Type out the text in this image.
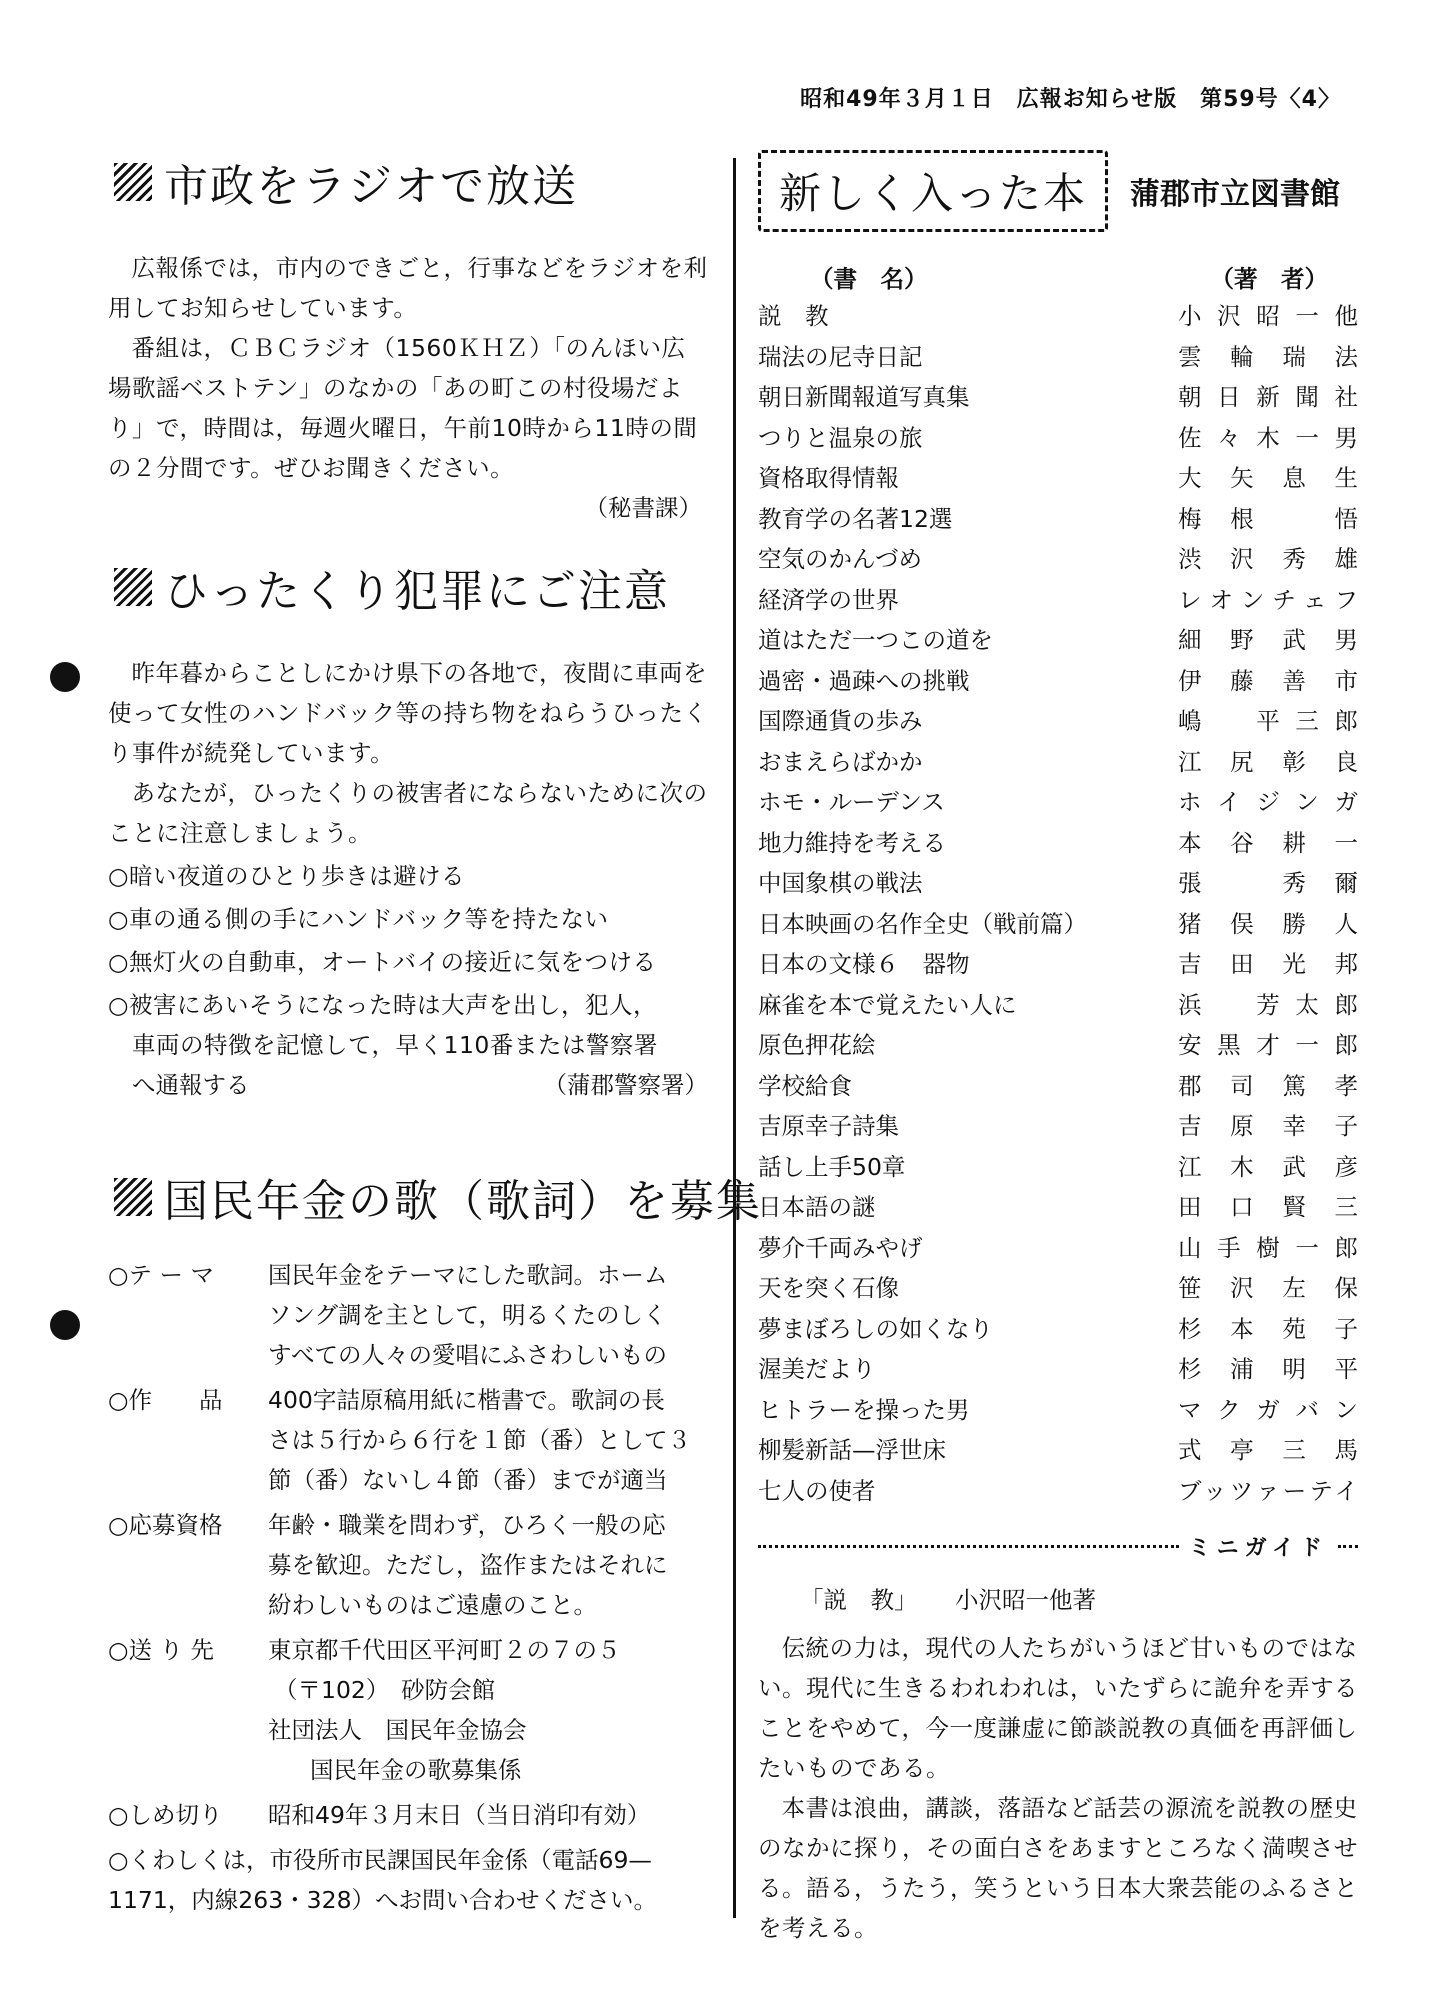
昭和49年３月１日　広報お知らせ版　第59号〈4〉
市政をラジオで放送

広報係では，市内のできごと，行事などをラジオを利用してお知らせしています。

番組は，ＣＢＣラジオ（1560ＫＨＺ）「のんほい広場歌謡ベストテン」のなかの「あの町この村役場だより」で，時間は，毎週火曜日，午前10時から11時の間の２分間です。ぜひお聞きください。

（秘書課）

ひったくり犯罪にご注意

昨年暮からことしにかけ県下の各地で，夜間に車両を使って女性のハンドバック等の持ち物をねらうひったくり事件が続発しています。

あなたが，ひったくりの被害者にならないために次のことに注意しましょう。

○暗い夜道のひとり歩きは避ける
○車の通る側の手にハンドバック等を持たない
○無灯火の自動車，オートバイの接近に気をつける
○被害にあいそうになった時は大声を出し，犯人，
車両の特徴を記憶して，早く110番または警察署
へ通報する	（蒲郡警察署）
国民年金の歌（歌詞）を募集
○テ ー マ	国民年金をテーマにした歌詞。ホーム
ソング調を主として，明るくたのしく
すべての人々の愛唱にふさわしいもの
○作　　品	400字詰原稿用紙に楷書で。歌詞の長
さは５行から６行を１節（番）として３
節（番）ないし４節（番）までが適当
○応募資格	年齢・職業を問わず，ひろく一般の応
募を歓迎。ただし，盗作またはそれに
紛わしいものはご遠慮のこと。
○送 り 先	東京都千代田区平河町２の７の５
（〒102）　砂防会館
社団法人　国民年金協会
国民年金の歌募集係
○しめ切り	昭和49年３月末日（当日消印有効）
○くわしくは，市役所市民課国民年金係（電話69—
1171，内線263・328）へお問い合わせください。
新しく入った本	蒲郡市立図書館
（書　名）	（著　者）
説　教	小沢昭一他
瑞法の尼寺日記	雲輪瑞法
朝日新聞報道写真集	朝日新聞社
つりと温泉の旅	佐々木一男
資格取得情報	大矢息生
教育学の名著12選	梅根　悟
空気のかんづめ	渋沢秀雄
経済学の世界	レオンチェフ
道はただ一つこの道を	細野武男
過密・過疎への挑戦	伊藤善市
国際通貨の歩み	嶋　平三郎
おまえらばかか	江尻彰良
ホモ・ルーデンス	ホイジンガ
地力維持を考える	本谷耕一
中国象棋の戦法	張　秀爾
日本映画の名作全史（戦前篇）	猪俣勝人
日本の文様６　器物	吉田光邦
麻雀を本で覚えたい人に	浜　芳太郎
原色押花絵	安黒才一郎
学校給食	郡司篤孝
吉原幸子詩集	吉原幸子
話し上手50章	江木武彦
日本語の謎	田口賢三
夢介千両みやげ	山手樹一郎
天を突く石像	笹沢左保
夢まぼろしの如くなり	杉本苑子
渥美だより	杉浦明平
ヒトラーを操った男	マクガバン
柳髪新話—浮世床	式亭三馬
七人の使者	ブッツァーテイ
ミニガイド
「説　教」 小沢昭一他著

伝統の力は，現代の人たちがいうほど甘いものではない。現代に生きるわれわれは，いたずらに詭弁を弄することをやめて，今一度謙虚に節談説教の真価を再評価したいものである。

本書は浪曲，講談，落語など話芸の源流を説教の歴史のなかに探り，その面白さをあますところなく満喫させる。語る，うたう，笑うという日本大衆芸能のふるさとを考える。
